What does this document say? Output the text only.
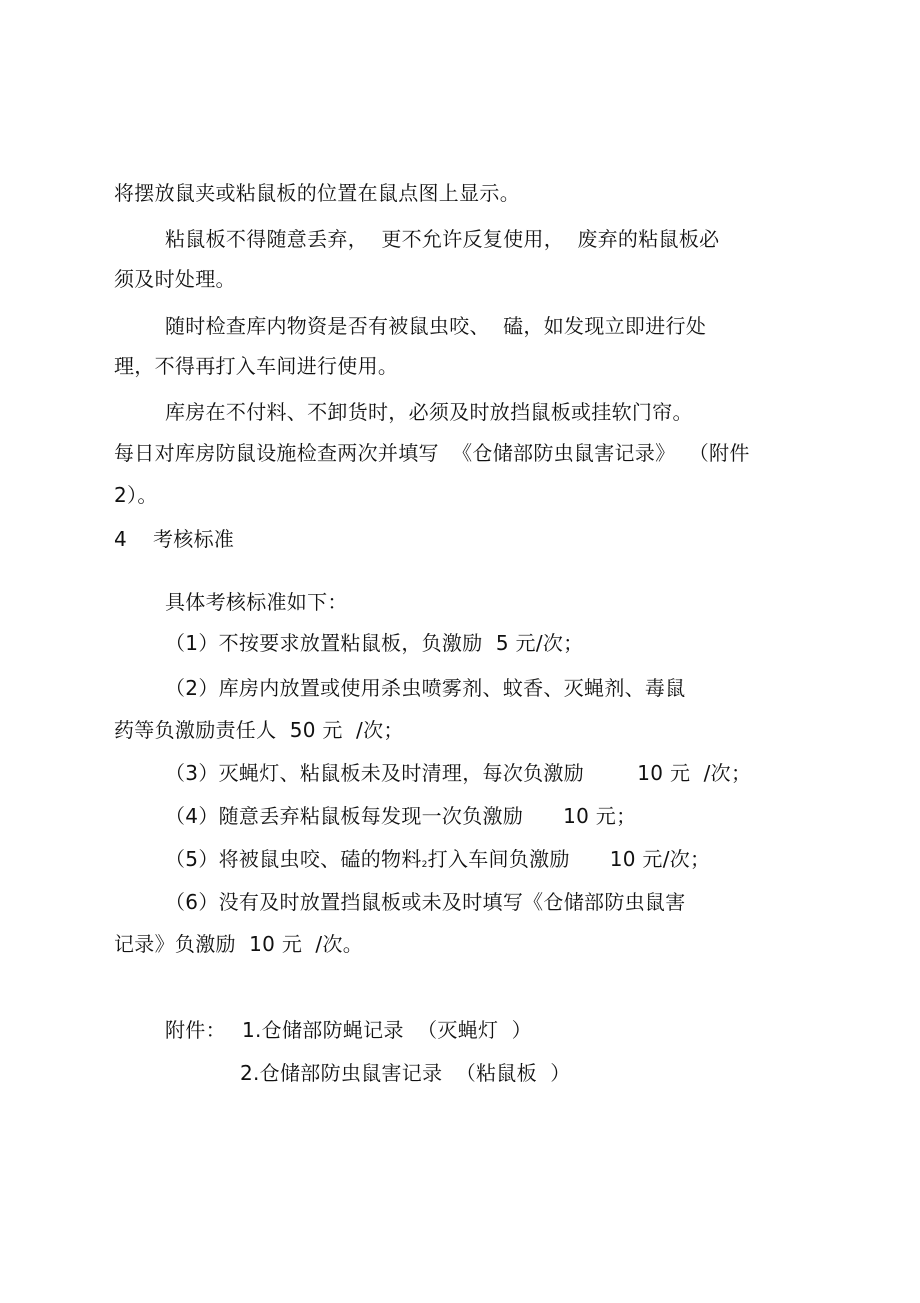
将摆放鼠夹或粘鼠板的位置在鼠点图上显示。
粘鼠板不得随意丢弃，  更不允许反复使用，  废弃的粘鼠板必
须及时处理。
随时检查库内物资是否有被鼠虫咬、  磕，如发现立即进行处
理，不得再打入车间进行使用。
库房在不付料、不卸货时，必须及时放挡鼠板或挂软门帘。
每日对库房防鼠设施检查两次并填写  《仓储部防虫鼠害记录》  （附件
2）。
4 考核标准
具体考核标准如下：
（1）不按要求放置粘鼠板，负激励  5 元/次；
（2）库房内放置或使用杀虫喷雾剂、蚊香、灭蝇剂、毒鼠
药等负激励责任人  50 元  /次；
（3）灭蝇灯、粘鼠板未及时清理，每次负激励        10 元  /次；
（4）随意丢弃粘鼠板每发现一次负激励      10 元；
（5）将被鼠虫咬、磕的物料2打入车间负激励      10 元/次；
（6）没有及时放置挡鼠板或未及时填写《仓储部防虫鼠害
记录》负激励  10 元  /次。
附件： 1.仓储部防蝇记录  （灭蝇灯  ）
2.仓储部防虫鼠害记录  （粘鼠板  ）
